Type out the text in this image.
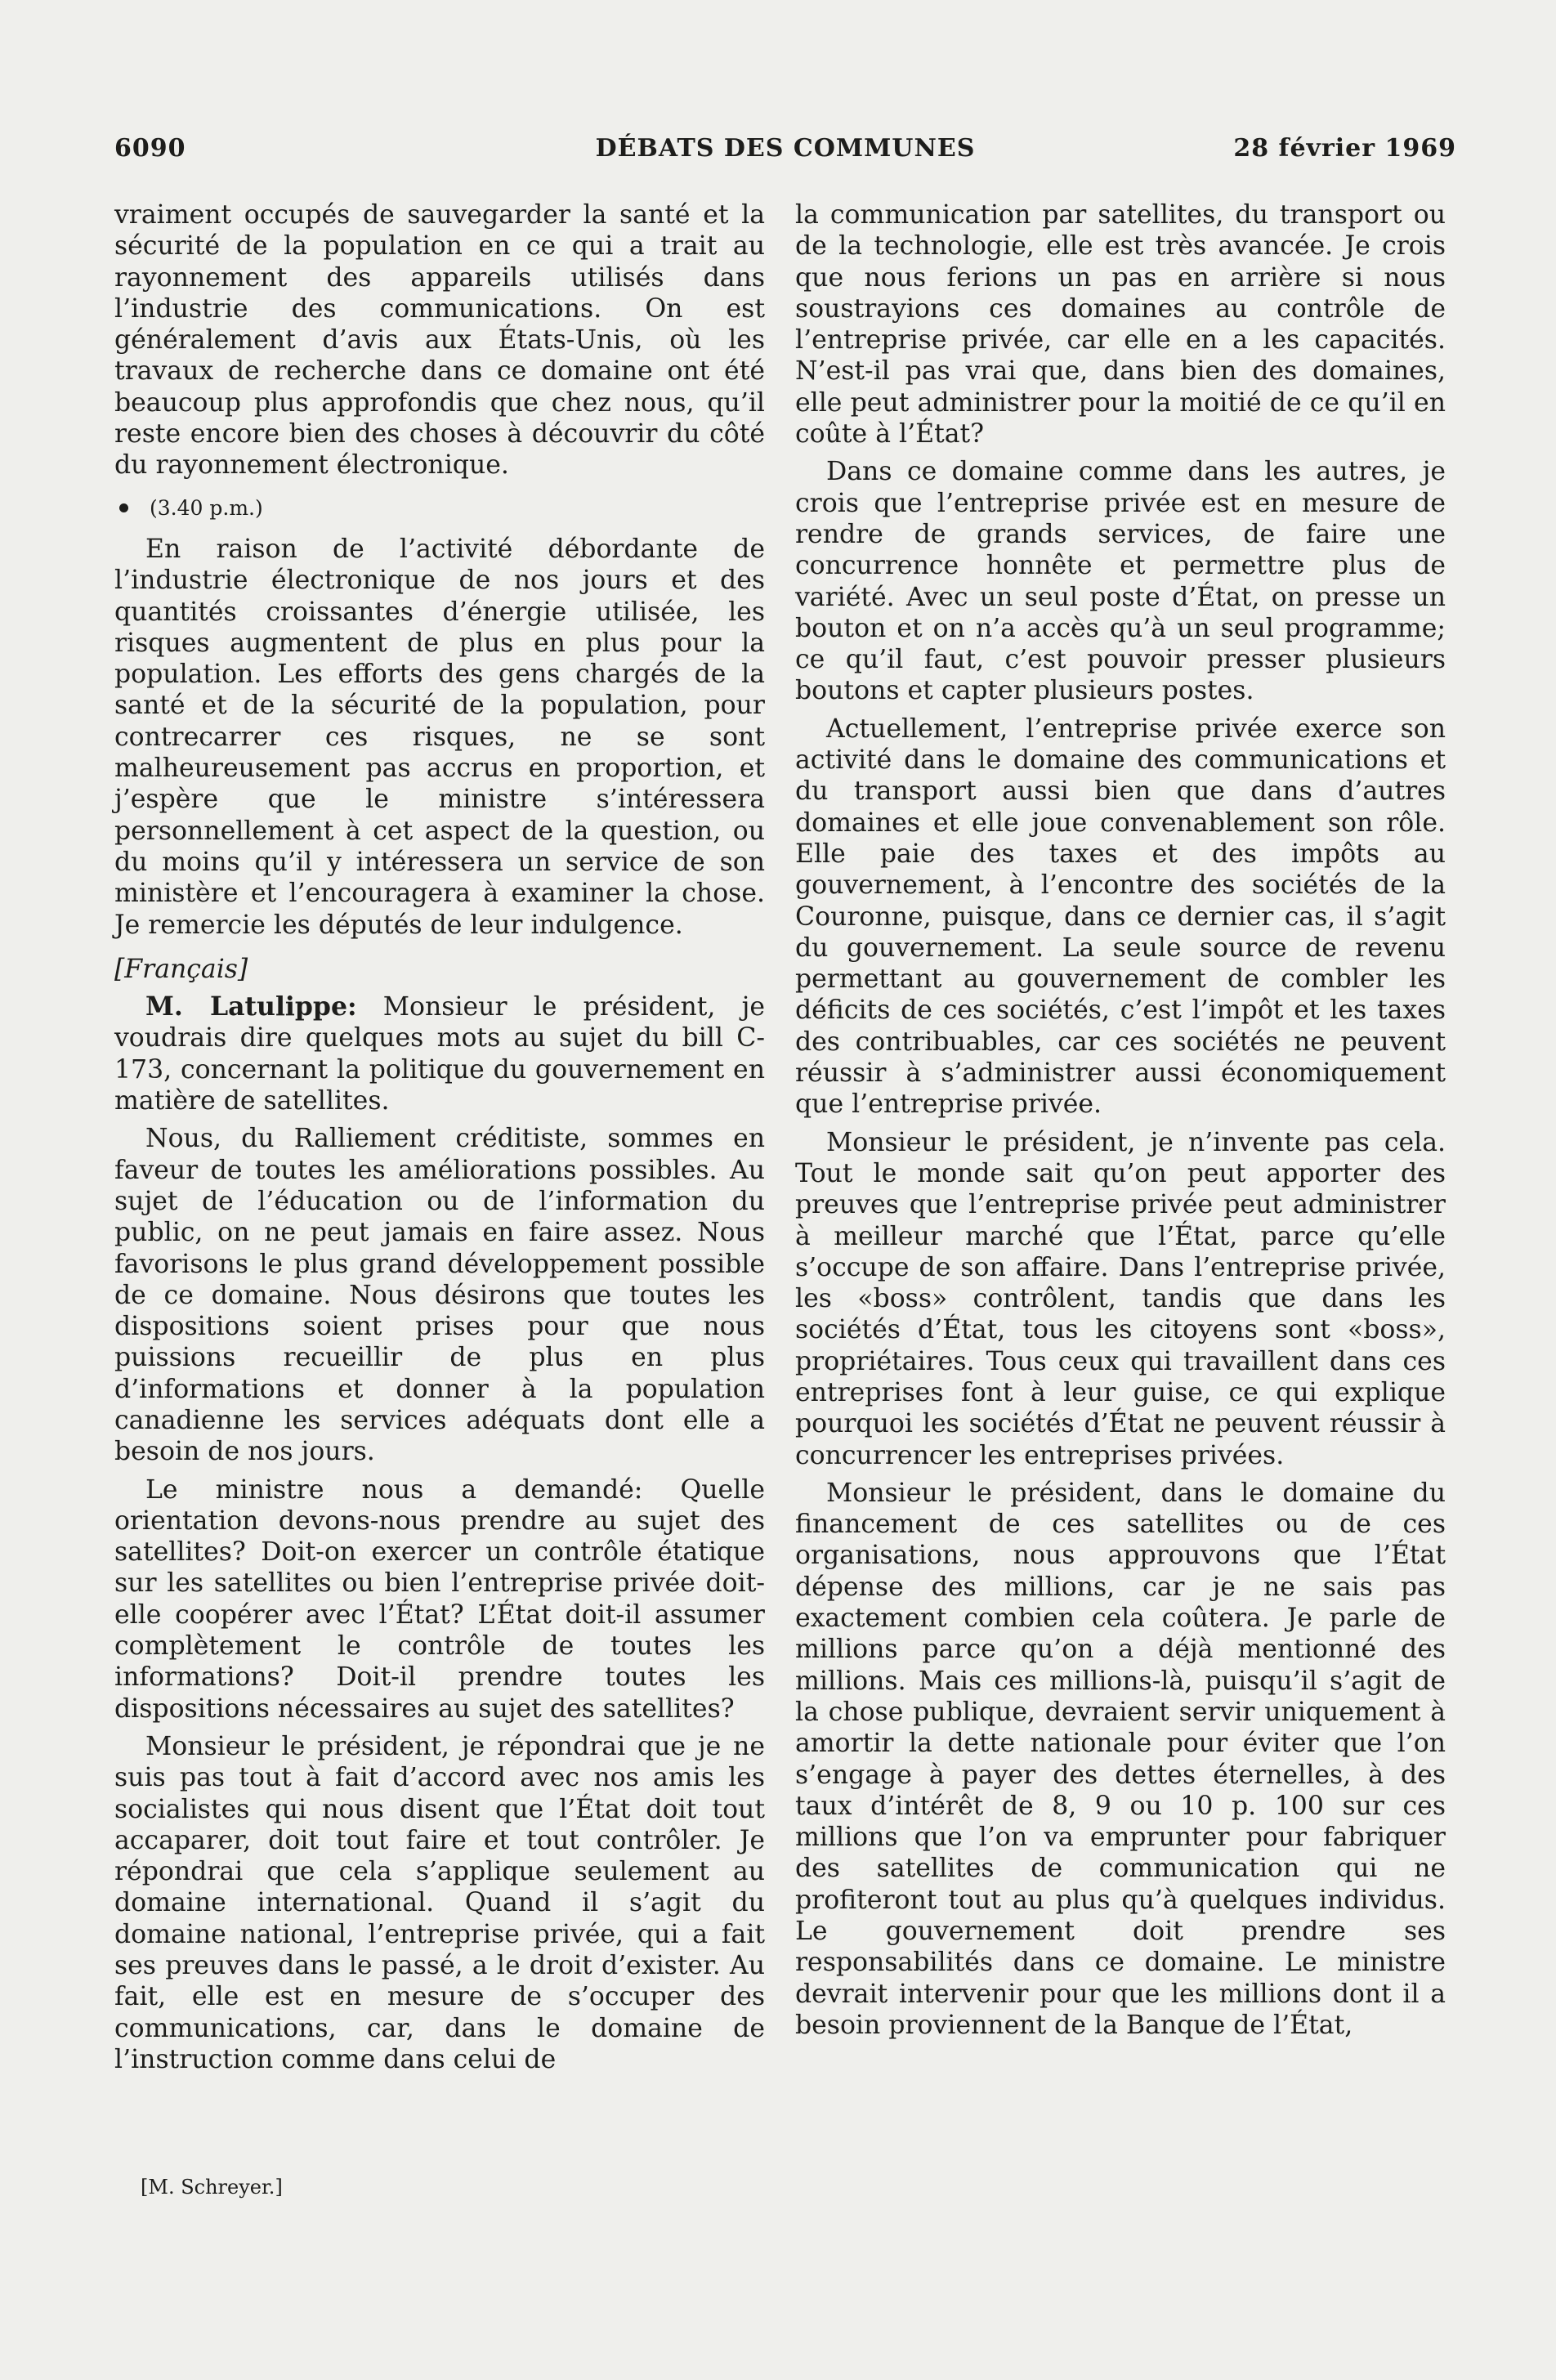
6090	DÉBATS DES COMMUNES	28 février 1969

vraiment occupés de sauvegarder la santé et la sécurité de la population en ce qui a trait au rayonnement des appareils utilisés dans l’industrie des communications. On est généralement d’avis aux États-Unis, où les travaux de recherche dans ce domaine ont été beaucoup plus approfondis que chez nous, qu’il reste encore bien des choses à découvrir du côté du rayonnement électronique.

(3.40 p.m.)

En raison de l’activité débordante de l’industrie électronique de nos jours et des quantités croissantes d’énergie utilisée, les risques augmentent de plus en plus pour la population. Les efforts des gens chargés de la santé et de la sécurité de la population, pour contrecarrer ces risques, ne se sont malheureusement pas accrus en proportion, et j’espère que le ministre s’intéressera personnellement à cet aspect de la question, ou du moins qu’il y intéressera un service de son ministère et l’encouragera à examiner la chose. Je remercie les députés de leur indulgence.

[Français]

M. Latulippe: Monsieur le président, je voudrais dire quelques mots au sujet du bill C-173, concernant la politique du gouvernement en matière de satellites.

Nous, du Ralliement créditiste, sommes en faveur de toutes les améliorations possibles. Au sujet de l’éducation ou de l’information du public, on ne peut jamais en faire assez. Nous favorisons le plus grand développement possible de ce domaine. Nous désirons que toutes les dispositions soient prises pour que nous puissions recueillir de plus en plus d’informations et donner à la population canadienne les services adéquats dont elle a besoin de nos jours.

Le ministre nous a demandé: Quelle orientation devons-nous prendre au sujet des satellites? Doit-on exercer un contrôle étatique sur les satellites ou bien l’entreprise privée doit-elle coopérer avec l’État? L’État doit-il assumer complètement le contrôle de toutes les informations? Doit-il prendre toutes les dispositions nécessaires au sujet des satellites?

Monsieur le président, je répondrai que je ne suis pas tout à fait d’accord avec nos amis les socialistes qui nous disent que l’État doit tout accaparer, doit tout faire et tout contrôler. Je répondrai que cela s’applique seulement au domaine international. Quand il s’agit du domaine national, l’entreprise privée, qui a fait ses preuves dans le passé, a le droit d’exister. Au fait, elle est en mesure de s’occuper des communications, car, dans le domaine de l’instruction comme dans celui de

la communication par satellites, du transport ou de la technologie, elle est très avancée. Je crois que nous ferions un pas en arrière si nous soustrayions ces domaines au contrôle de l’entreprise privée, car elle en a les capacités. N’est-il pas vrai que, dans bien des domaines, elle peut administrer pour la moitié de ce qu’il en coûte à l’État?

Dans ce domaine comme dans les autres, je crois que l’entreprise privée est en mesure de rendre de grands services, de faire une concurrence honnête et permettre plus de variété. Avec un seul poste d’État, on presse un bouton et on n’a accès qu’à un seul programme; ce qu’il faut, c’est pouvoir presser plusieurs boutons et capter plusieurs postes.

Actuellement, l’entreprise privée exerce son activité dans le domaine des communications et du transport aussi bien que dans d’autres domaines et elle joue convenablement son rôle. Elle paie des taxes et des impôts au gouvernement, à l’encontre des sociétés de la Couronne, puisque, dans ce dernier cas, il s’agit du gouvernement. La seule source de revenu permettant au gouvernement de combler les déficits de ces sociétés, c’est l’impôt et les taxes des contribuables, car ces sociétés ne peuvent réussir à s’administrer aussi économiquement que l’entreprise privée.

Monsieur le président, je n’invente pas cela. Tout le monde sait qu’on peut apporter des preuves que l’entreprise privée peut administrer à meilleur marché que l’État, parce qu’elle s’occupe de son affaire. Dans l’entreprise privée, les «boss» contrôlent, tandis que dans les sociétés d’État, tous les citoyens sont «boss», propriétaires. Tous ceux qui travaillent dans ces entreprises font à leur guise, ce qui explique pourquoi les sociétés d’État ne peuvent réussir à concurrencer les entreprises privées.

Monsieur le président, dans le domaine du financement de ces satellites ou de ces organisations, nous approuvons que l’État dépense des millions, car je ne sais pas exactement combien cela coûtera. Je parle de millions parce qu’on a déjà mentionné des millions. Mais ces millions-là, puisqu’il s’agit de la chose publique, devraient servir uniquement à amortir la dette nationale pour éviter que l’on s’engage à payer des dettes éternelles, à des taux d’intérêt de 8, 9 ou 10 p. 100 sur ces millions que l’on va emprunter pour fabriquer des satellites de communication qui ne profiteront tout au plus qu’à quelques individus. Le gouvernement doit prendre ses responsabilités dans ce domaine. Le ministre devrait intervenir pour que les millions dont il a besoin proviennent de la Banque de l’État,

[M. Schreyer.]
